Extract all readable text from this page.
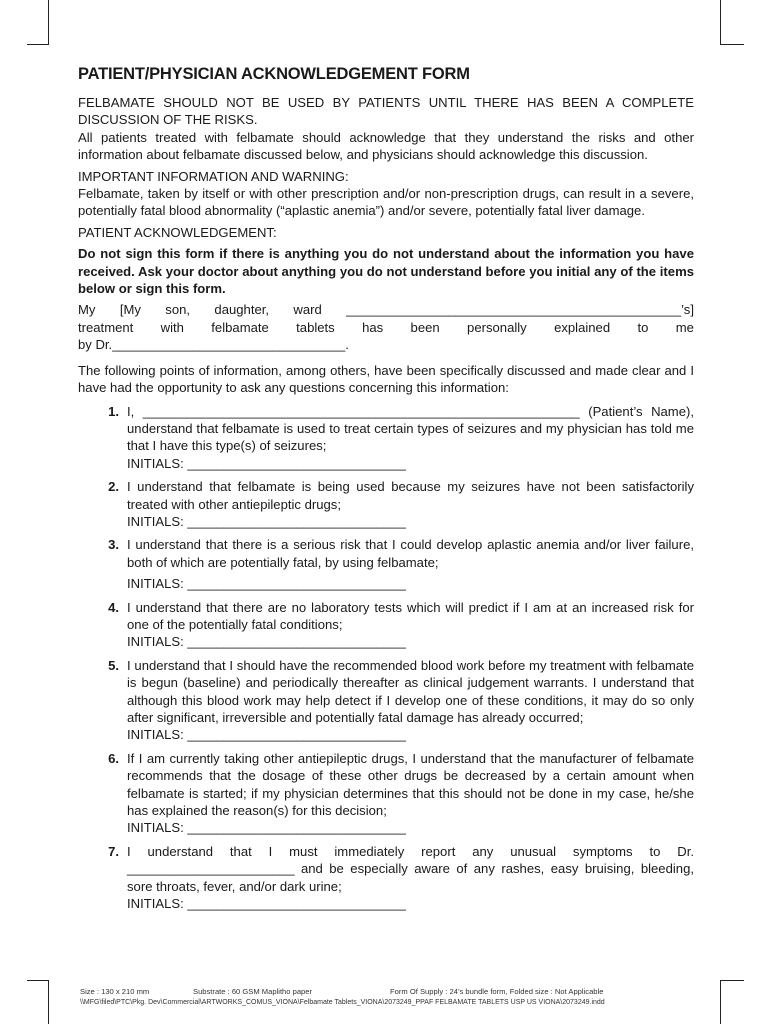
PATIENT/PHYSICIAN ACKNOWLEDGEMENT FORM

FELBAMATE SHOULD NOT BE USED BY PATIENTS UNTIL THERE HAS BEEN A COMPLETE DISCUSSION OF THE RISKS.

All patients treated with felbamate should acknowledge that they understand the risks and other information about felbamate discussed below, and physicians should acknowledge this discussion.

IMPORTANT INFORMATION AND WARNING:

Felbamate, taken by itself or with other prescription and/or non-prescription drugs, can result in a severe, potentially fatal blood abnormality (“aplastic anemia”) and/or severe, potentially fatal liver damage.

PATIENT ACKNOWLEDGEMENT:

Do not sign this form if there is anything you do not understand about the information you have received. Ask your doctor about anything you do not understand before you initial any of the items below or sign this form.

My [My son, daughter, ward ______________________________________________’s]
treatment with felbamate tablets has been personally explained to me
by Dr.________________________________.

The following points of information, among others, have been specifically discussed and made clear and I have had the opportunity to ask any questions concerning this information:

1. I, ____________________________________________________________ (Patient’s Name), understand that felbamate is used to treat certain types of seizures and my physician has told me that I have this type(s) of seizures;
INITIALS: ______________________________
2. I understand that felbamate is being used because my seizures have not been satisfactorily treated with other antiepileptic drugs;
INITIALS: ______________________________
3. I understand that there is a serious risk that I could develop aplastic anemia and/or liver failure, both of which are potentially fatal, by using felbamate;
INITIALS: ______________________________
4. I understand that there are no laboratory tests which will predict if I am at an increased risk for one of the potentially fatal conditions;
INITIALS: ______________________________
5. I understand that I should have the recommended blood work before my treatment with felbamate is begun (baseline) and periodically thereafter as clinical judgement warrants. I understand that although this blood work may help detect if I develop one of these conditions, it may do so only after significant, irreversible and potentially fatal damage has already occurred;
INITIALS: ______________________________
6. If I am currently taking other antiepileptic drugs, I understand that the manufacturer of felbamate recommends that the dosage of these other drugs be decreased by a certain amount when felbamate is started; if my physician determines that this should not be done in my case, he/she has explained the reason(s) for this decision;
INITIALS: ______________________________
7. I understand that I must immediately report any unusual symptoms to Dr. _______________________ and be especially aware of any rashes, easy bruising, bleeding, sore throats, fever, and/or dark urine;
INITIALS: ______________________________
Size : 130 x 210 mm	Substrate : 60 GSM Maplitho paper	Form Of Supply : 24’s bundle form, Folded size : Not Applicable
\\MFG\filed\PTC\Pkg. Dev\Commercial\ARTWORKS_COMUS_VIONA\Felbamate Tablets_VIONA\2073249_PPAF FELBAMATE TABLETS USP US VIONA\2073249.indd
